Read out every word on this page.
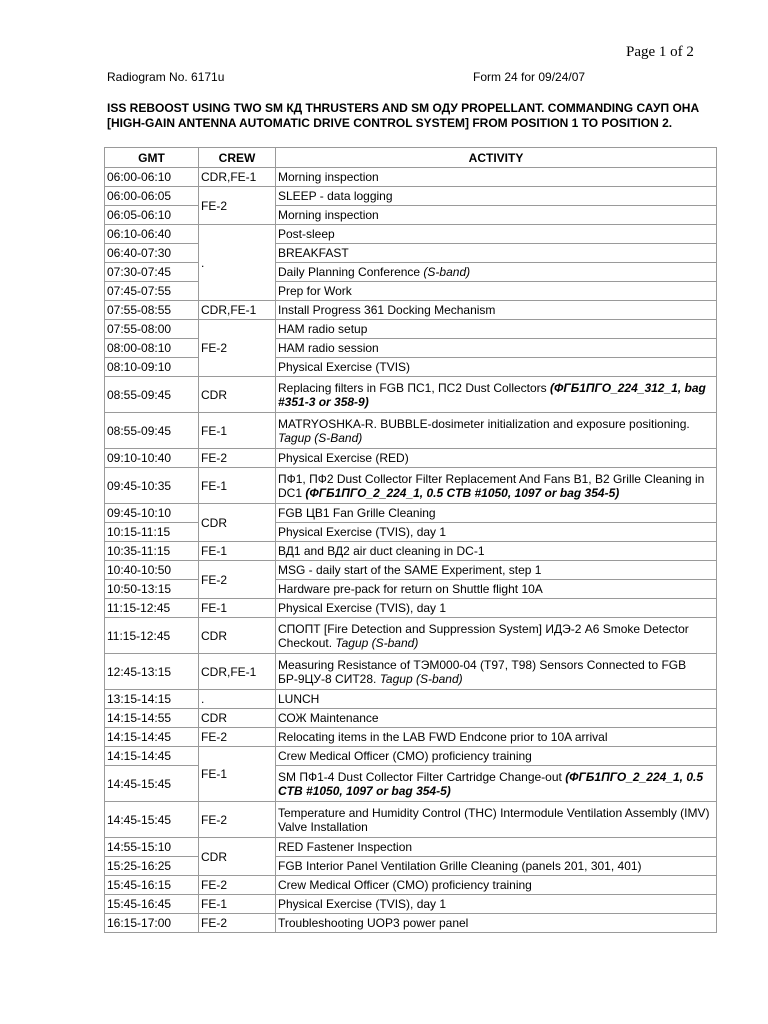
Page 1 of 2
Radiogram No. 6171u	Form 24 for 09/24/07
ISS REBOOST USING TWO SM КД THRUSTERS AND SM ОДУ PROPELLANT. COMMANDING САУП ОНА [HIGH-GAIN ANTENNA AUTOMATIC DRIVE CONTROL SYSTEM] FROM POSITION 1 TO POSITION 2.
GMT	CREW	ACTIVITY
06:00-06:10	CDR,FE-1	Morning inspection
06:00-06:05	FE-2	SLEEP - data logging
06:05-06:10		Morning inspection
06:10-06:40	.	Post-sleep
06:40-07:30		BREAKFAST
07:30-07:45		Daily Planning Conference (S-band)
07:45-07:55		Prep for Work
07:55-08:55	CDR,FE-1	Install Progress 361 Docking Mechanism
07:55-08:00	FE-2	HAM radio setup
08:00-08:10		HAM radio session
08:10-09:10		Physical Exercise (TVIS)
08:55-09:45	CDR	Replacing filters in FGB ПС1, ПС2 Dust Collectors (ФГБ1ПГО_224_312_1, bag #351-3 or 358-9)
08:55-09:45	FE-1	MATRYOSHKA-R. BUBBLE-dosimeter initialization and exposure positioning. Tagup (S-Band)
09:10-10:40	FE-2	Physical Exercise (RED)
09:45-10:35	FE-1	ПФ1, ПФ2 Dust Collector Filter Replacement And Fans В1, В2 Grille Cleaning in DC1 (ФГБ1ПГО_2_224_1, 0.5 CTB #1050, 1097 or bag 354-5)
09:45-10:10	CDR	FGB ЦВ1 Fan Grille Cleaning
10:15-11:15		Physical Exercise (TVIS), day 1
10:35-11:15	FE-1	ВД1 and ВД2 air duct cleaning in DC-1
10:40-10:50	FE-2	MSG - daily start of the SAME Experiment, step 1
10:50-13:15		Hardware pre-pack for return on Shuttle flight 10A
11:15-12:45	FE-1	Physical Exercise (TVIS), day 1
11:15-12:45	CDR	СПОПТ [Fire Detection and Suppression System] ИДЭ-2 A6 Smoke Detector Checkout. Tagup (S-band)
12:45-13:15	CDR,FE-1	Measuring Resistance of ТЭМ000-04 (Т97, Т98) Sensors Connected to FGB БР-9ЦУ-8 СИТ28. Tagup (S-band)
13:15-14:15	.	LUNCH
14:15-14:55	CDR	СОЖ Maintenance
14:15-14:45	FE-2	Relocating items in the LAB FWD Endcone prior to 10A arrival
14:15-14:45	FE-1	Crew Medical Officer (CMO) proficiency training
14:45-15:45		SM ПФ1-4 Dust Collector Filter Cartridge Change-out (ФГБ1ПГО_2_224_1, 0.5 CTB #1050, 1097 or bag 354-5)
14:45-15:45	FE-2	Temperature and Humidity Control (THC) Intermodule Ventilation Assembly (IMV) Valve Installation
14:55-15:10	CDR	RED Fastener Inspection
15:25-16:25		FGB Interior Panel Ventilation Grille Cleaning (panels 201, 301, 401)
15:45-16:15	FE-2	Crew Medical Officer (CMO) proficiency training
15:45-16:45	FE-1	Physical Exercise (TVIS), day 1
16:15-17:00	FE-2	Troubleshooting UOP3 power panel
